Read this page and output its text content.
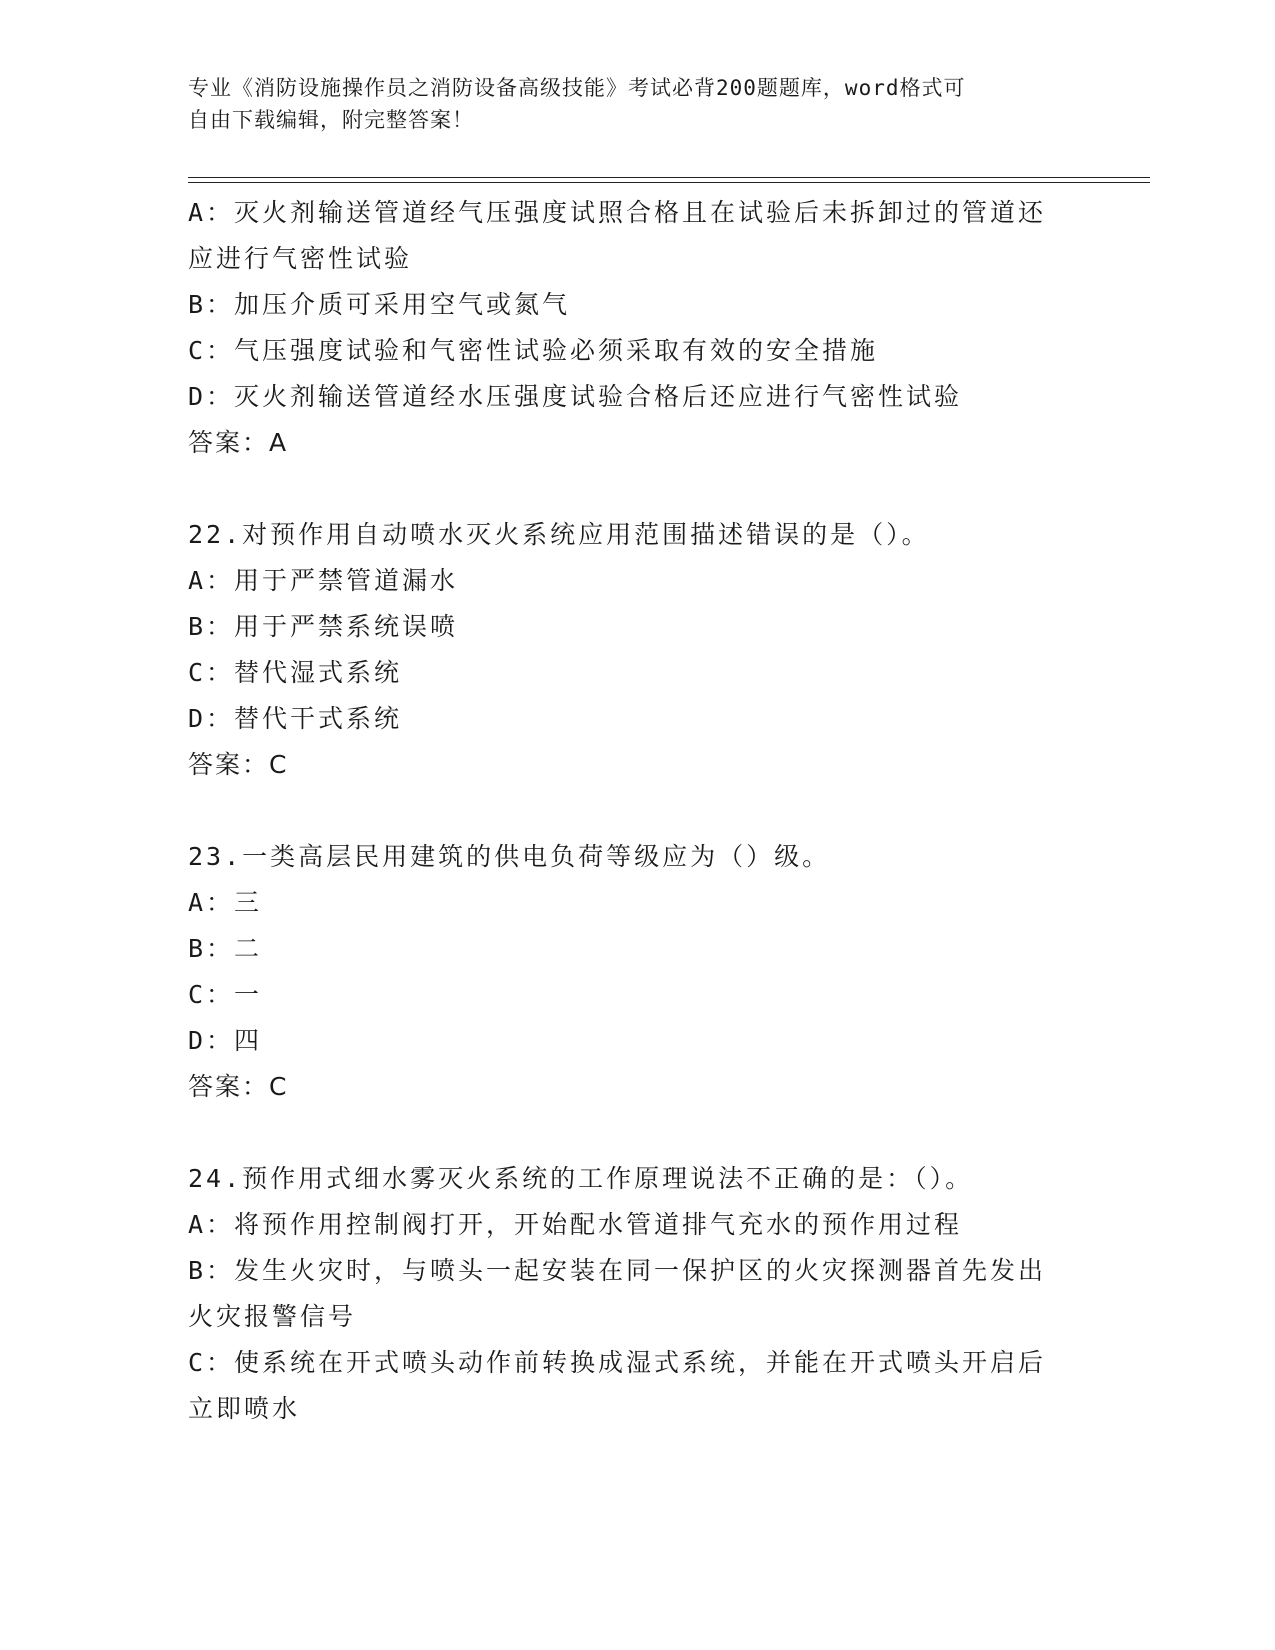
专业《消防设施操作员之消防设备高级技能》考试必背200题题库，word格式可
自由下载编辑，附完整答案！
A：灭火剂输送管道经气压强度试照合格且在试验后未拆卸过的管道还
应进行气密性试验
B：加压介质可采用空气或氮气
C：气压强度试验和气密性试验必须采取有效的安全措施
D：灭火剂输送管道经水压强度试验合格后还应进行气密性试验
答案：A
22.对预作用自动喷水灭火系统应用范围描述错误的是（）。
A：用于严禁管道漏水
B：用于严禁系统误喷
C：替代湿式系统
D：替代干式系统
答案：C
23.一类高层民用建筑的供电负荷等级应为（）级。
A：三
B：二
C：一
D：四
答案：C
24.预作用式细水雾灭火系统的工作原理说法不正确的是：（）。
A：将预作用控制阀打开，开始配水管道排气充水的预作用过程
B：发生火灾时，与喷头一起安装在同一保护区的火灾探测器首先发出
火灾报警信号
C：使系统在开式喷头动作前转换成湿式系统，并能在开式喷头开启后
立即喷水
